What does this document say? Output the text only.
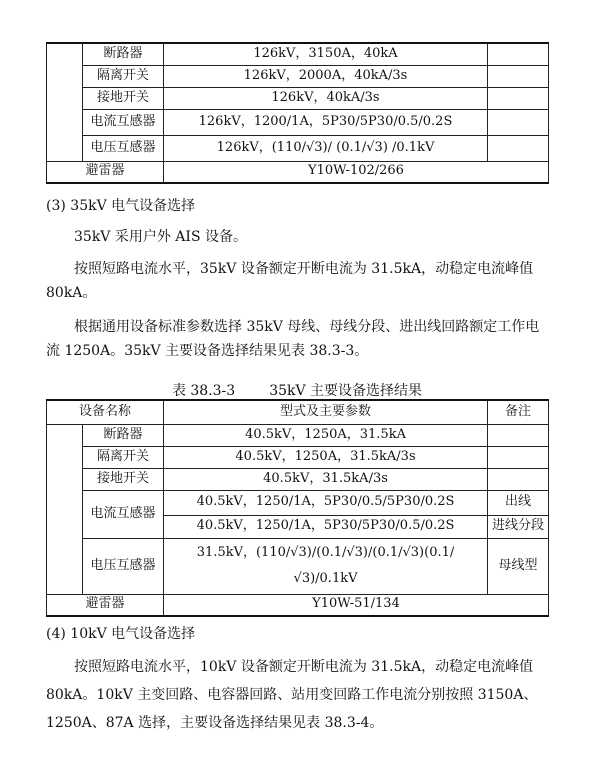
	断路器	126kV，3150A，40kA	
	隔离开关	126kV，2000A，40kA/3s	
	接地开关	126kV，40kA/3s	
	电流互感器	126kV，1200/1A，5P30/5P30/0.5/0.2S	
	电压互感器	126kV，(110/√3)/ (0.1/√3) /0.1kV	
避雷器		Y10W-102/266	

(3) 35kV 电气设备选择

35kV 采用户外 AIS 设备。

按照短路电流水平，35kV 设备额定开断电流为 31.5kA，动稳定电流峰值 80kA。

根据通用设备标准参数选择 35kV 母线、母线分段、进出线回路额定工作电流 1250A。35kV 主要设备选择结果见表 38.3-3。

表 38.3-3 35kV 主要设备选择结果

设备名称		型式及主要参数	备注
	断路器	40.5kV，1250A，31.5kA	
	隔离开关	40.5kV，1250A，31.5kA/3s	
	接地开关	40.5kV，31.5kA/3s	
	电流互感器	40.5kV，1250/1A，5P30/0.5/5P30/0.2S	出线
		40.5kV，1250/1A，5P30/5P30/0.5/0.2S	进线分段
	电压互感器	31.5kV，(110/√3)/(0.1/√3)/(0.1/√3)(0.1/√3)/0.1kV	母线型
避雷器		Y10W-51/134	

(4) 10kV 电气设备选择

按照短路电流水平，10kV 设备额定开断电流为 31.5kA，动稳定电流峰值 80kA。10kV 主变回路、电容器回路、站用变回路工作电流分别按照 3150A、1250A、87A 选择，主要设备选择结果见表 38.3-4。
